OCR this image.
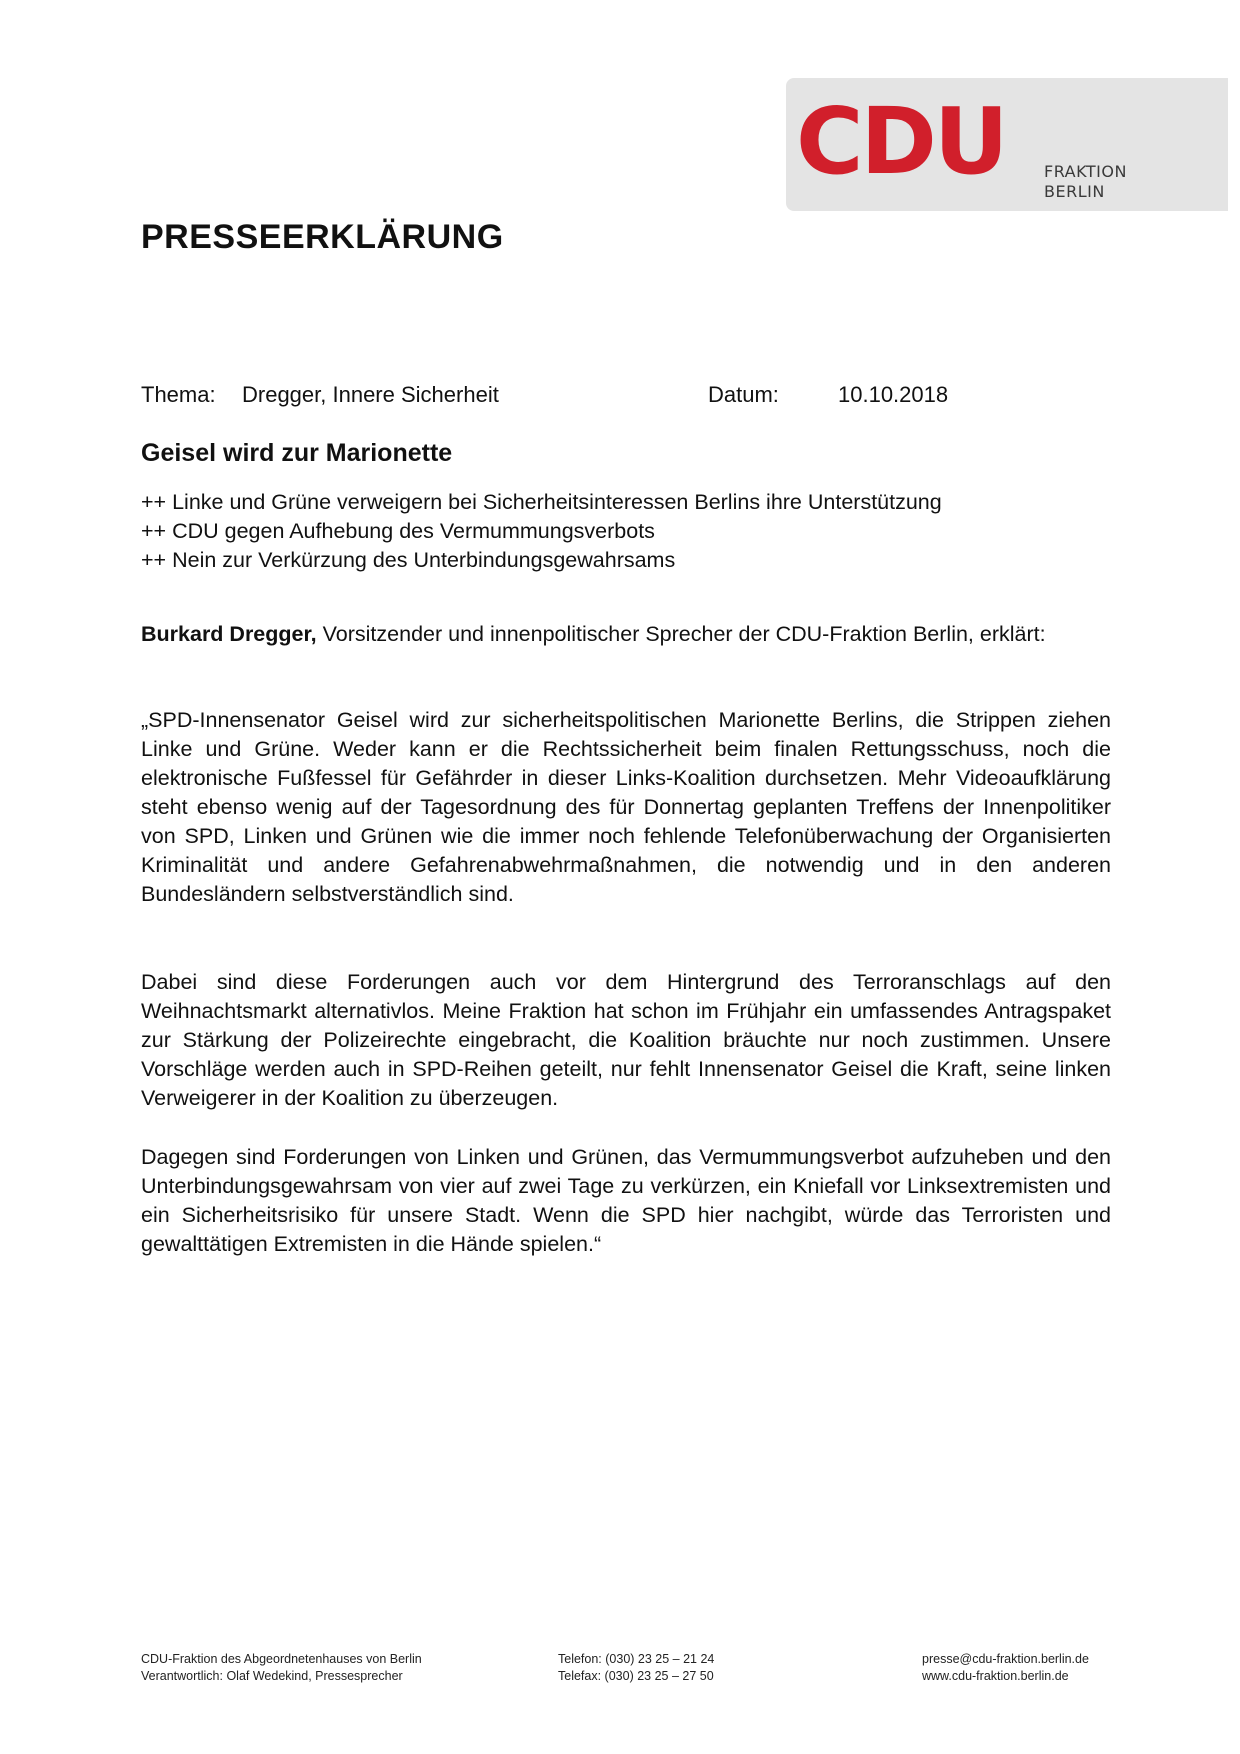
CDU FRAKTION
BERLIN
PRESSEERKLÄRUNG
Thema: Dregger, Innere Sicherheit	Datum:	10.10.2018
Geisel wird zur Marionette
++ Linke und Grüne verweigern bei Sicherheitsinteressen Berlins ihre Unterstützung
++ CDU gegen Aufhebung des Vermummungsverbots
++ Nein zur Verkürzung des Unterbindungsgewahrsams
Burkard Dregger, Vorsitzender und innenpolitischer Sprecher der CDU-Fraktion Berlin, erklärt:
„SPD-Innensenator Geisel wird zur sicherheitspolitischen Marionette Berlins, die Strippen ziehen Linke und Grüne. Weder kann er die Rechtssicherheit beim finalen Rettungsschuss, noch die elektronische Fußfessel für Gefährder in dieser Links-Koalition durchsetzen. Mehr Videoaufklärung steht ebenso wenig auf der Tagesordnung des für Donnertag geplanten Treffens der Innenpolitiker von SPD, Linken und Grünen wie die immer noch fehlende Telefonüberwachung der Organisierten Kriminalität und andere Gefahrenabwehrmaßnahmen, die notwendig und in den anderen Bundesländern selbstverständlich sind.
Dabei sind diese Forderungen auch vor dem Hintergrund des Terroranschlags auf den Weihnachtsmarkt alternativlos. Meine Fraktion hat schon im Frühjahr ein umfassendes Antragspaket zur Stärkung der Polizeirechte eingebracht, die Koalition bräuchte nur noch zustimmen. Unsere Vorschläge werden auch in SPD-Reihen geteilt, nur fehlt Innensenator Geisel die Kraft, seine linken Verweigerer in der Koalition zu überzeugen.
Dagegen sind Forderungen von Linken und Grünen, das Vermummungsverbot aufzuheben und den Unterbindungsgewahrsam von vier auf zwei Tage zu verkürzen, ein Kniefall vor Linksextremisten und ein Sicherheitsrisiko für unsere Stadt. Wenn die SPD hier nachgibt, würde das Terroristen und gewalttätigen Extremisten in die Hände spielen.“
CDU-Fraktion des Abgeordnetenhauses von Berlin
Verantwortlich: Olaf Wedekind, Pressesprecher
Telefon: (030) 23 25 – 21 24
Telefax: (030) 23 25 – 27 50
presse@cdu-fraktion.berlin.de
www.cdu-fraktion.berlin.de
